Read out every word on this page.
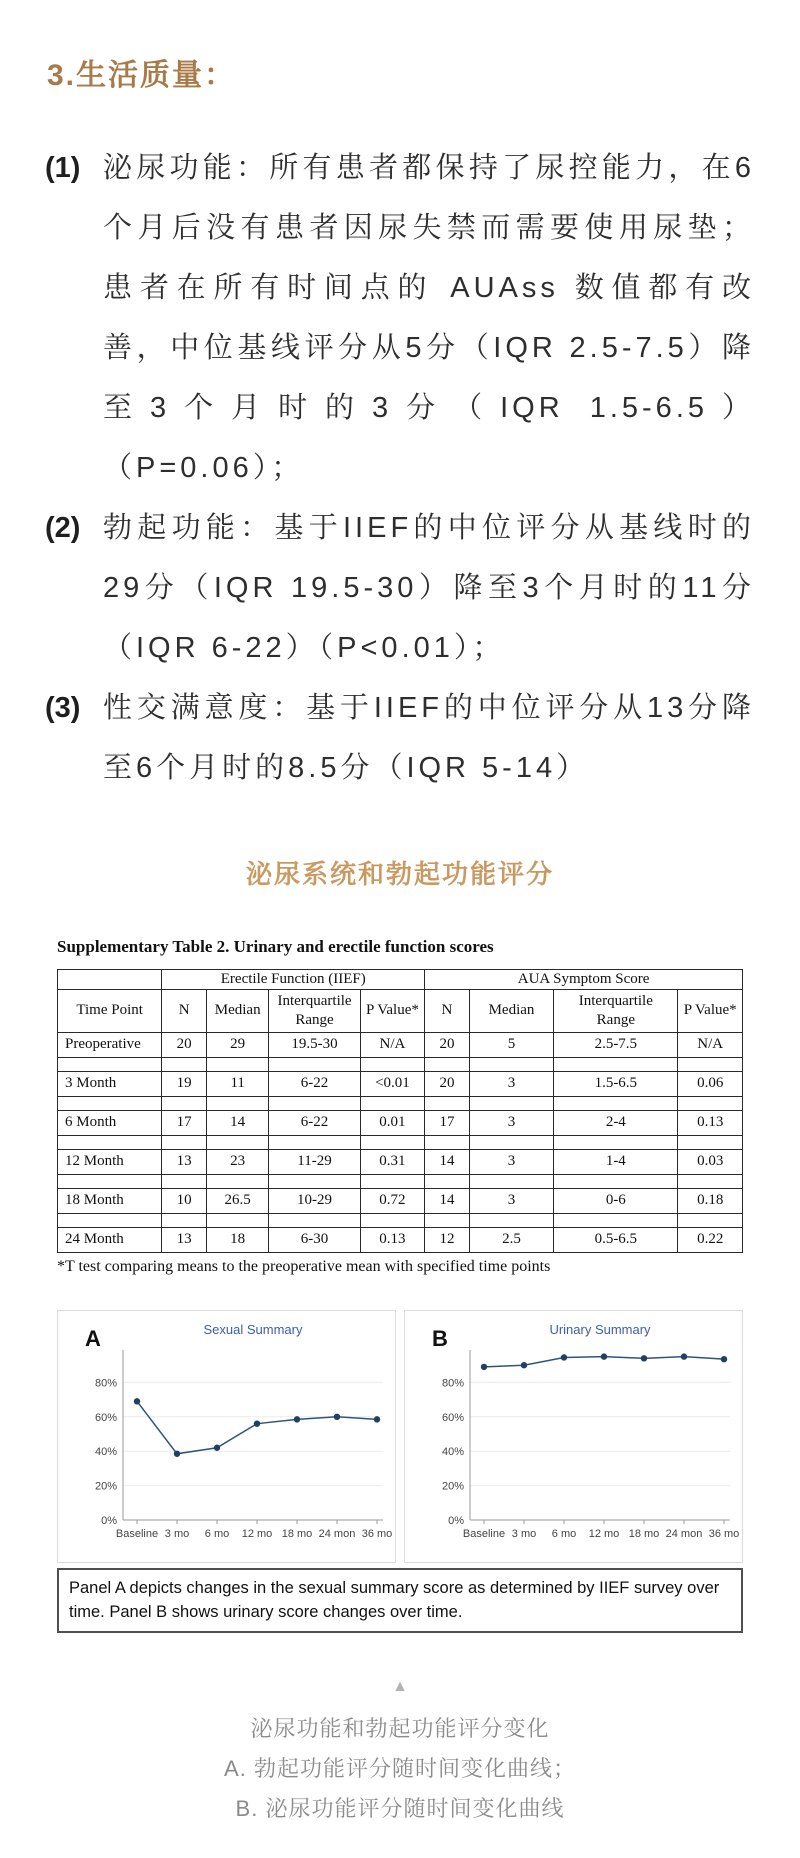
3.生活质量：
(1) 泌尿功能：所有患者都保持了尿控能力，在6个月后没有患者因尿失禁而需要使用尿垫；患者在所有时间点的 AUAss 数值都有改善，中位基线评分从5分（IQR 2.5-7.5）降至3个月时的3分（IQR 1.5-6.5）（P=0.06）；
(2) 勃起功能：基于IIEF的中位评分从基线时的29分（IQR 19.5-30）降至3个月时的11分（IQR 6-22）（P<0.01）；
(3) 性交满意度：基于IIEF的中位评分从13分降至6个月时的8.5分（IQR 5-14）
泌尿系统和勃起功能评分
Supplementary Table 2. Urinary and erectile function scores
	Erectile Function (IIEF)				AUA Symptom Score			
Time Point	N	Median	Interquartile Range	P Value*	N	Median	Interquartile Range	P Value*
Preoperative	20	29	19.5-30	N/A	20	5	2.5-7.5	N/A

3 Month	19	11	6-22	<0.01	20	3	1.5-6.5	0.06

6 Month	17	14	6-22	0.01	17	3	2-4	0.13

12 Month	13	23	11-29	0.31	14	3	1-4	0.03

18 Month	10	26.5	10-29	0.72	14	3	0-6	0.18

24 Month	13	18	6-30	0.13	12	2.5	0.5-6.5	0.22
*T test comparing means to the preoperative mean with specified time points
0%
20%
40%
60%
80%
Baseline 3 mo 6 mo 12 mo 18 mo 24 mon 36 mo
A	Sexual Summary
0%
20%
40%
60%
80%
Baseline 3 mo 6 mo 12 mo 18 mo 24 mon 36 mo
B	Urinary Summary
Panel A depicts changes in the sexual summary score as determined by IIEF survey over time. Panel B shows urinary score changes over time.
▲
泌尿功能和勃起功能评分变化
A. 勃起功能评分随时间变化曲线；
B. 泌尿功能评分随时间变化曲线
